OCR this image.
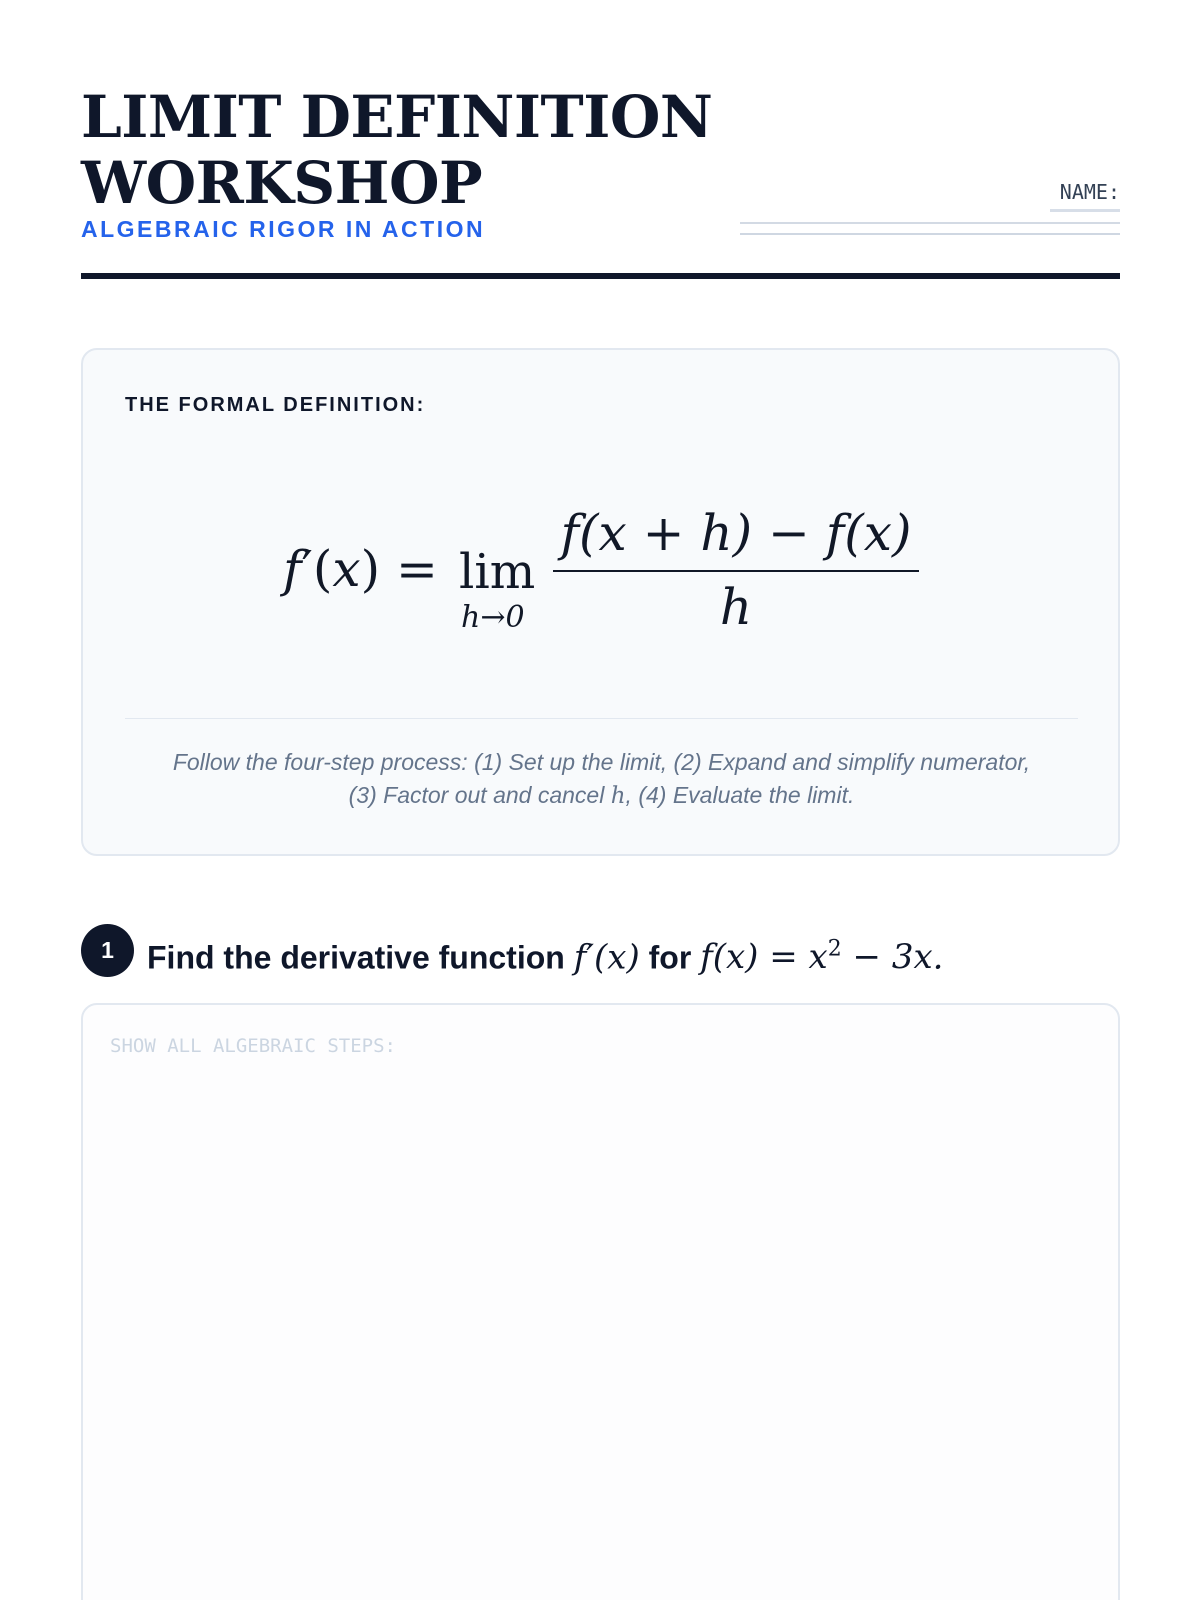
LIMIT DEFINITION
WORKSHOP
ALGEBRAIC RIGOR IN ACTION
NAME:
THE FORMAL DEFINITION:
f′(x) = lim
h→0
f(x + h) − f(x)
h

Follow the four-step process: (1) Set up the limit, (2) Expand and simplify numerator,
(3) Factor out and cancel h, (4) Evaluate the limit.

1	Find the derivative function f′(x) for $f(x) = x^2 - 3x$.
SHOW ALL ALGEBRAIC STEPS:
